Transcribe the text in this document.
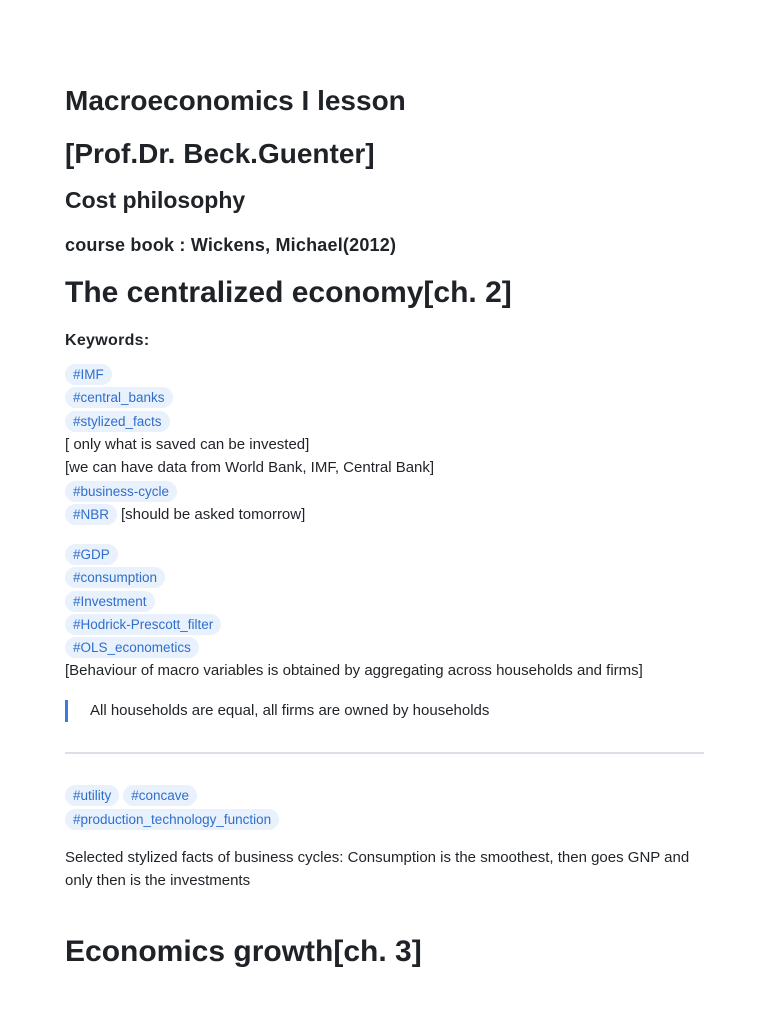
Macroeconomics I lesson
[Prof.Dr. Beck.Guenter]
Cost philosophy
course book : Wickens, Michael(2012)
The centralized economy[ch. 2]
Keywords:
#IMF
#central_banks
#stylized_facts
[ only what is saved can be invested]
[we can have data from World Bank, IMF, Central Bank]
#business-cycle
#NBR [should be asked tomorrow]
#GDP
#consumption
#Investment
#Hodrick-Prescott_filter
#OLS_econometics
[Behaviour of macro variables is obtained by aggregating across households and firms]
All households are equal, all firms are owned by households
#utility #concave
#production_technology_function

Selected stylized facts of business cycles: Consumption is the smoothest, then goes GNP and only then is the investments

Economics growth[ch. 3]
